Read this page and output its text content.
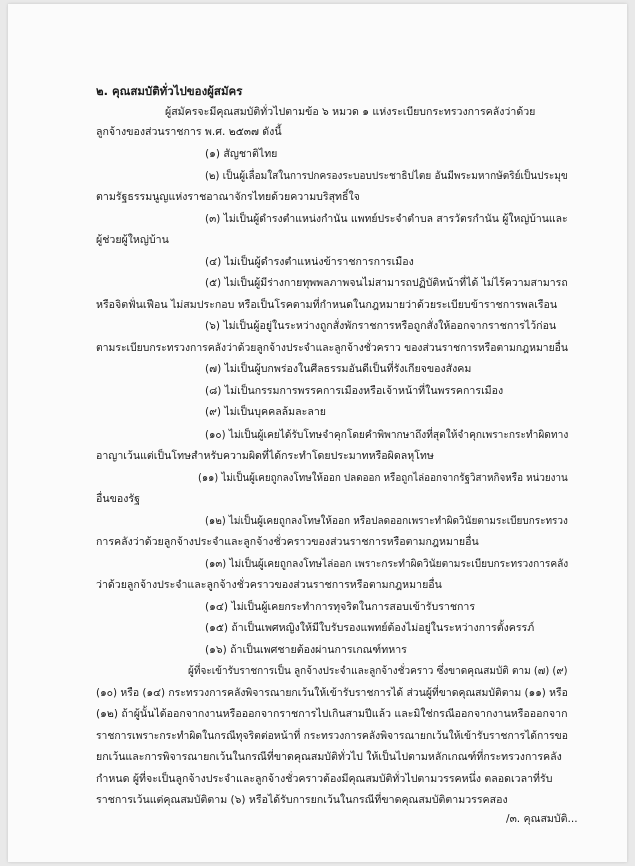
๒. คุณสมบัติทั่วไปของผู้สมัคร
ผู้สมัครจะมีคุณสมบัติทั่วไปตามข้อ ๖ หมวด ๑ แห่งระเบียบกระทรวงการคลังว่าด้วย
ลูกจ้างของส่วนราชการ พ.ศ. ๒๕๓๗ ดังนี้
(๑) สัญชาติไทย
(๒) เป็นผู้เลื่อมใสในการปกครองระบอบประชาธิปไตย อันมีพระมหากษัตริย์เป็นประมุข
ตามรัฐธรรมนูญแห่งราชอาณาจักรไทยด้วยความบริสุทธิ์ใจ
(๓) ไม่เป็นผู้ดำรงตำแหน่งกำนัน แพทย์ประจำตำบล สารวัตรกำนัน ผู้ใหญ่บ้านและ
ผู้ช่วยผู้ใหญ่บ้าน
(๔) ไม่เป็นผู้ดำรงตำแหน่งข้าราชการการเมือง
(๕) ไม่เป็นผู้มีร่างกายทุพพลภาพจนไม่สามารถปฏิบัติหน้าที่ได้ ไม่ไร้ความสามารถ
หรือจิตฟั่นเฟือน ไม่สมประกอบ หรือเป็นโรคตามที่กำหนดในกฎหมายว่าด้วยระเบียบข้าราชการพลเรือน
(๖) ไม่เป็นผู้อยู่ในระหว่างถูกสั่งพักราชการหรือถูกสั่งให้ออกจากราชการไว้ก่อน
ตามระเบียบกระทรวงการคลังว่าด้วยลูกจ้างประจำและลูกจ้างชั่วคราว ของส่วนราชการหรือตามกฎหมายอื่น
(๗) ไม่เป็นผู้บกพร่องในศีลธรรมอันดีเป็นที่รังเกียจของสังคม
(๘) ไม่เป็นกรรมการพรรคการเมืองหรือเจ้าหน้าที่ในพรรคการเมือง
(๙) ไม่เป็นบุคคลล้มละลาย
(๑๐) ไม่เป็นผู้เคยได้รับโทษจำคุกโดยคำพิพากษาถึงที่สุดให้จำคุกเพราะกระทำผิดทาง
อาญาเว้นแต่เป็นโทษสำหรับความผิดที่ได้กระทำโดยประมาทหรือผิดลหุโทษ
(๑๑) ไม่เป็นผู้เคยถูกลงโทษให้ออก ปลดออก หรือถูกไล่ออกจากรัฐวิสาหกิจหรือ หน่วยงาน
อื่นของรัฐ
(๑๒) ไม่เป็นผู้เคยถูกลงโทษให้ออก หรือปลดออกเพราะทำผิดวินัยตามระเบียบกระทรวง
การคลังว่าด้วยลูกจ้างประจำและลูกจ้างชั่วคราวของส่วนราชการหรือตามกฎหมายอื่น
(๑๓) ไม่เป็นผู้เคยถูกลงโทษไล่ออก เพราะกระทำผิดวินัยตามระเบียบกระทรวงการคลัง
ว่าด้วยลูกจ้างประจำและลูกจ้างชั่วคราวของส่วนราชการหรือตามกฎหมายอื่น
(๑๔) ไม่เป็นผู้เคยกระทำการทุจริตในการสอบเข้ารับราชการ
(๑๕) ถ้าเป็นเพศหญิงให้มีใบรับรองแพทย์ต้องไม่อยู่ในระหว่างการตั้งครรภ์
(๑๖) ถ้าเป็นเพศชายต้องผ่านการเกณฑ์ทหาร
ผู้ที่จะเข้ารับราชการเป็น ลูกจ้างประจำและลูกจ้างชั่วคราว ซึ่งขาดคุณสมบัติ ตาม (๗) (๙)
(๑๐) หรือ (๑๔) กระทรวงการคลังพิจารณายกเว้นให้เข้ารับราชการได้ ส่วนผู้ที่ขาดคุณสมบัติตาม (๑๑) หรือ
(๑๒) ถ้าผู้นั้นได้ออกจากงานหรือออกจากราชการไปเกินสามปีแล้ว และมิใช่กรณีออกจากงานหรือออกจาก
ราชการเพราะกระทำผิดในกรณีทุจริตต่อหน้าที่ กระทรวงการคลังพิจารณายกเว้นให้เข้ารับราชการได้การขอ
ยกเว้นและการพิจารณายกเว้นในกรณีที่ขาดคุณสมบัติทั่วไป ให้เป็นไปตามหลักเกณฑ์ที่กระทรวงการคลัง
กำหนด ผู้ที่จะเป็นลูกจ้างประจำและลูกจ้างชั่วคราวต้องมีคุณสมบัติทั่วไปตามวรรคหนึ่ง ตลอดเวลาที่รับ
ราชการเว้นแต่คุณสมบัติตาม (๖) หรือได้รับการยกเว้นในกรณีที่ขาดคุณสมบัติตามวรรคสอง
/๓. คุณสมบัติ...
